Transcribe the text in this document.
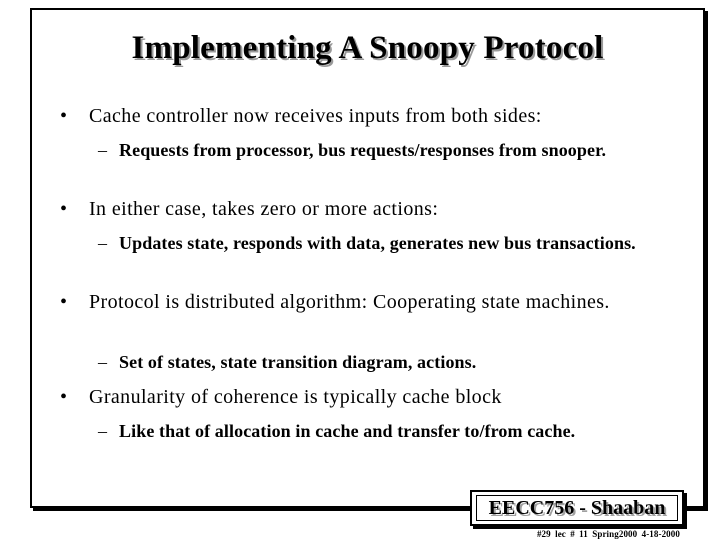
Implementing A Snoopy Protocol
•	Cache controller now receives inputs from both sides:
– Requests from processor, bus requests/responses from snooper.
•	In either case, takes zero or more actions:
– Updates state, responds with data, generates new bus transactions.
•	Protocol is distributed algorithm: Cooperating state machines.
– Set of states, state transition diagram, actions.
•	Granularity of coherence is typically cache block
– Like that of allocation in cache and transfer to/from cache.
EECC756 - Shaaban
#29 lec # 11 Spring2000 4-18-2000
